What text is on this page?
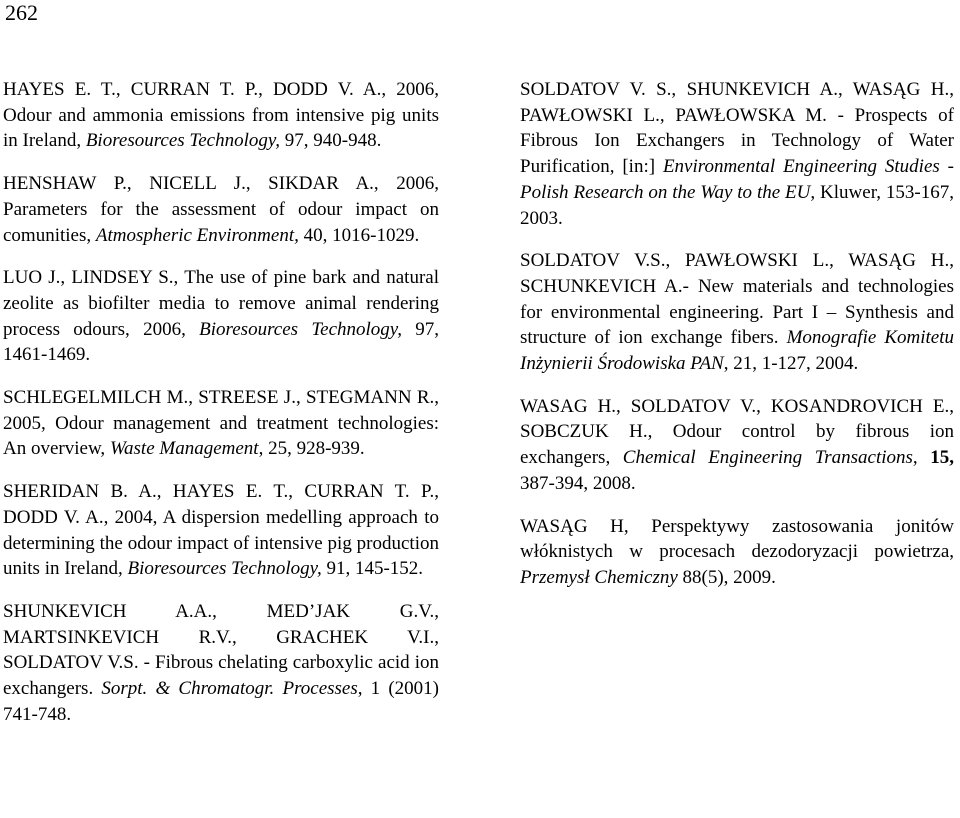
262

HAYES E. T., CURRAN T. P., DODD V. A., 2006, Odour and ammonia emissions from intensive pig units in Ireland, Bioresources Technology, 97, 940-948.

HENSHAW P., NICELL J., SIKDAR A., 2006, Parameters for the assessment of odour impact on comunities, Atmospheric Environment, 40, 1016-1029.

LUO J., LINDSEY S., The use of pine bark and natural zeolite as biofilter media to remove animal rendering process odours, 2006, Bioresources Technology, 97, 1461-1469.

SCHLEGELMILCH M., STREESE J., STEGMANN R., 2005, Odour management and treatment technologies: An overview, Waste Management, 25, 928-939.

SHERIDAN B. A., HAYES E. T., CURRAN T. P., DODD V. A., 2004, A dispersion medelling approach to determining the odour impact of intensive pig production units in Ireland, Bioresources Technology, 91, 145-152.

SHUNKEVICH A.A., MED’JAK G.V., MARTSINKEVICH R.V., GRACHEK V.I., SOLDATOV V.S. - Fibrous chelating carboxylic acid ion exchangers. Sorpt. & Chromatogr. Processes, 1 (2001) 741-748.

SOLDATOV V. S., SHUNKEVICH A., WASĄG H., PAWŁOWSKI L., PAWŁOWSKA M. - Prospects of Fibrous Ion Exchangers in Technology of Water Purification, [in:] Environmental Engineering Studies - Polish Research on the Way to the EU, Kluwer, 153-167, 2003.

SOLDATOV V.S., PAWŁOWSKI L., WASĄG H., SCHUNKEVICH A.- New materials and technologies for environmental engineering. Part I – Synthesis and structure of ion exchange fibers. Monografie Komitetu Inżynierii Środowiska PAN, 21, 1-127, 2004.

WASAG H., SOLDATOV V., KOSANDROVICH E., SOBCZUK H., Odour control by fibrous ion exchangers, Chemical Engineering Transactions, 15, 387-394, 2008.

WASĄG H, Perspektywy zastosowania jonitów włóknistych w procesach dezodoryzacji powietrza, Przemysł Chemiczny 88(5), 2009.
